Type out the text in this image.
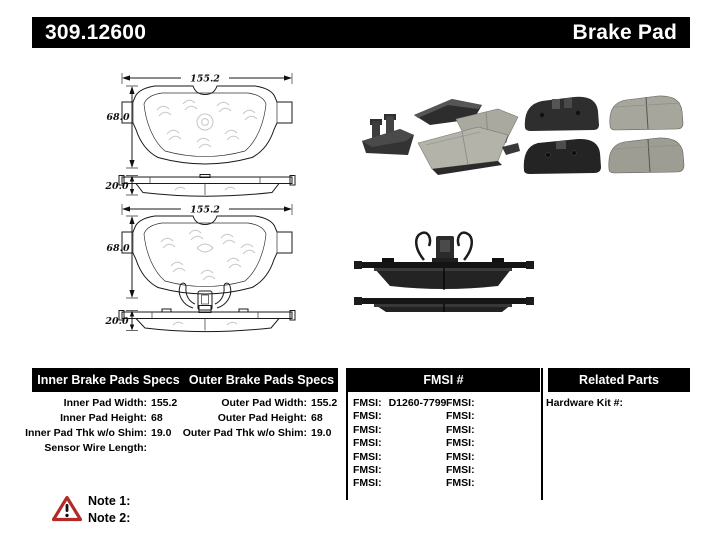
309.12600	Brake Pad
155.2
68.0
20.0
155.2
68.0
20.0
Inner Brake Pads Specs Outer Brake Pads Specs	FMSI #	Related Parts
Inner Pad Width: 155.2
Inner Pad Height: 68
Inner Pad Thk w/o Shim: 19.0
Sensor Wire Length:
Outer Pad Width: 155.2
Outer Pad Height: 68
Outer Pad Thk w/o Shim: 19.0
FMSI: D1260-7799
FMSI:
FMSI:
FMSI:
FMSI:
FMSI:
FMSI:
FMSI:
FMSI:
FMSI:
FMSI:
FMSI:
FMSI:
FMSI:
Hardware Kit #:
Note 1:
Note 2:
